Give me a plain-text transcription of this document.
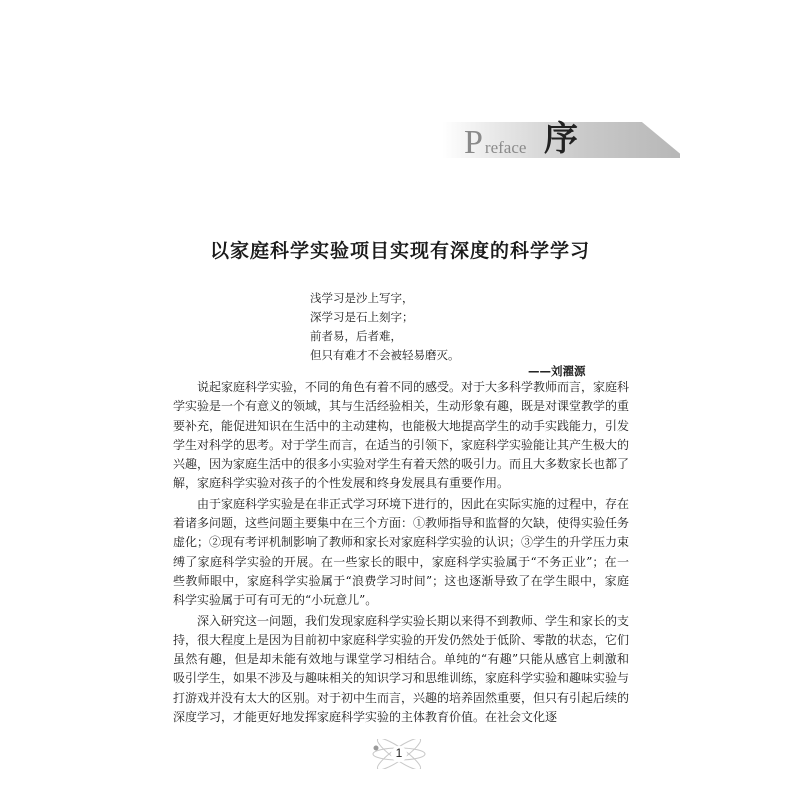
P reface 序
以家庭科学实验项目实现有深度的科学学习
浅学习是沙上写字，
深学习是石上刻字；
前者易，后者难，
但只有难才不会被轻易磨灭。
——刘濯源

说起家庭科学实验，不同的角色有着不同的感受。对于大多科学教师而言，家庭科学实验是一个有意义的领域，其与生活经验相关，生动形象有趣，既是对课堂教学的重要补充，能促进知识在生活中的主动建构，也能极大地提高学生的动手实践能力，引发学生对科学的思考。对于学生而言，在适当的引领下，家庭科学实验能让其产生极大的兴趣，因为家庭生活中的很多小实验对学生有着天然的吸引力。而且大多数家长也都了解，家庭科学实验对孩子的个性发展和终身发展具有重要作用。

由于家庭科学实验是在非正式学习环境下进行的，因此在实际实施的过程中，存在着诸多问题，这些问题主要集中在三个方面：①教师指导和监督的欠缺，使得实验任务虚化；②现有考评机制影响了教师和家长对家庭科学实验的认识；③学生的升学压力束缚了家庭科学实验的开展。在一些家长的眼中，家庭科学实验属于“不务正业”；在一些教师眼中，家庭科学实验属于“浪费学习时间”；这也逐渐导致了在学生眼中，家庭科学实验属于可有可无的“小玩意儿”。

深入研究这一问题，我们发现家庭科学实验长期以来得不到教师、学生和家长的支持，很大程度上是因为目前初中家庭科学实验的开发仍然处于低阶、零散的状态，它们虽然有趣，但是却未能有效地与课堂学习相结合。单纯的“有趣”只能从感官上刺激和吸引学生，如果不涉及与趣味相关的知识学习和思维训练，家庭科学实验和趣味实验与打游戏并没有太大的区别。对于初中生而言，兴趣的培养固然重要，但只有引起后续的深度学习，才能更好地发挥家庭科学实验的主体教育价值。在社会文化逐

1
